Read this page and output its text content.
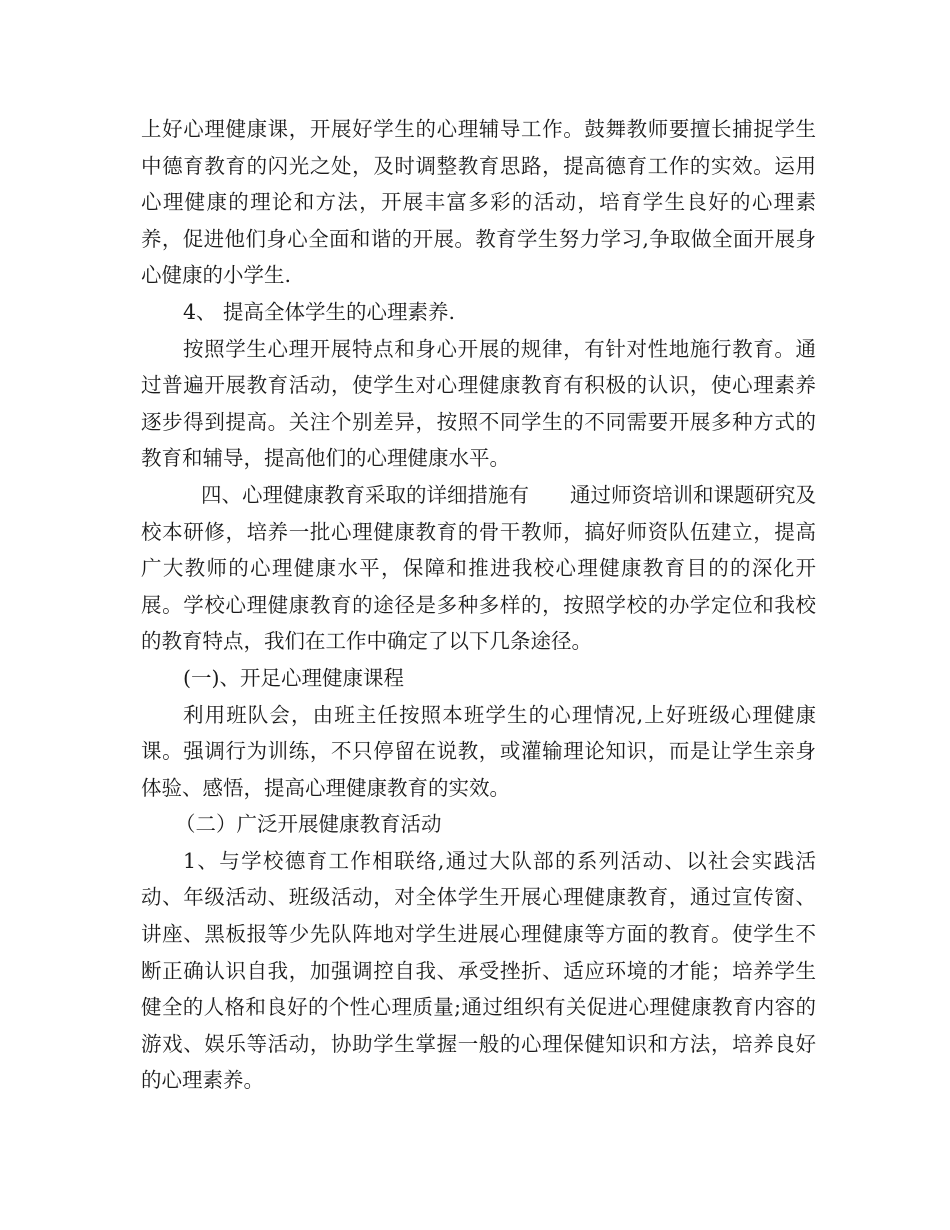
上好心理健康课，开展好学生的心理辅导工作。鼓舞教师要擅长捕捉学生中德育教育的闪光之处，及时调整教育思路，提高德育工作的实效。运用心理健康的理论和方法，开展丰富多彩的活动，培育学生良好的心理素养，促进他们身心全面和谐的开展。教育学生努力学习,争取做全面开展身心健康的小学生.

4、 提高全体学生的心理素养.

按照学生心理开展特点和身心开展的规律，有针对性地施行教育。通过普遍开展教育活动，使学生对心理健康教育有积极的认识，使心理素养逐步得到提高。关注个别差异，按照不同学生的不同需要开展多种方式的教育和辅导，提高他们的心理健康水平。

四、心理健康教育采取的详细措施有　　通过师资培训和课题研究及校本研修，培养一批心理健康教育的骨干教师，搞好师资队伍建立，提高广大教师的心理健康水平，保障和推进我校心理健康教育目的的深化开展。学校心理健康教育的途径是多种多样的，按照学校的办学定位和我校的教育特点，我们在工作中确定了以下几条途径。

(一)、开足心理健康课程

利用班队会，由班主任按照本班学生的心理情况,上好班级心理健康课。强调行为训练，不只停留在说教，或灌输理论知识，而是让学生亲身体验、感悟，提高心理健康教育的实效。

（二）广泛开展健康教育活动

1、与学校德育工作相联络,通过大队部的系列活动、以社会实践活动、年级活动、班级活动，对全体学生开展心理健康教育，通过宣传窗、讲座、黑板报等少先队阵地对学生进展心理健康等方面的教育。使学生不断正确认识自我，加强调控自我、承受挫折、适应环境的才能；培养学生健全的人格和良好的个性心理质量;通过组织有关促进心理健康教育内容的游戏、娱乐等活动，协助学生掌握一般的心理保健知识和方法，培养良好的心理素养。
